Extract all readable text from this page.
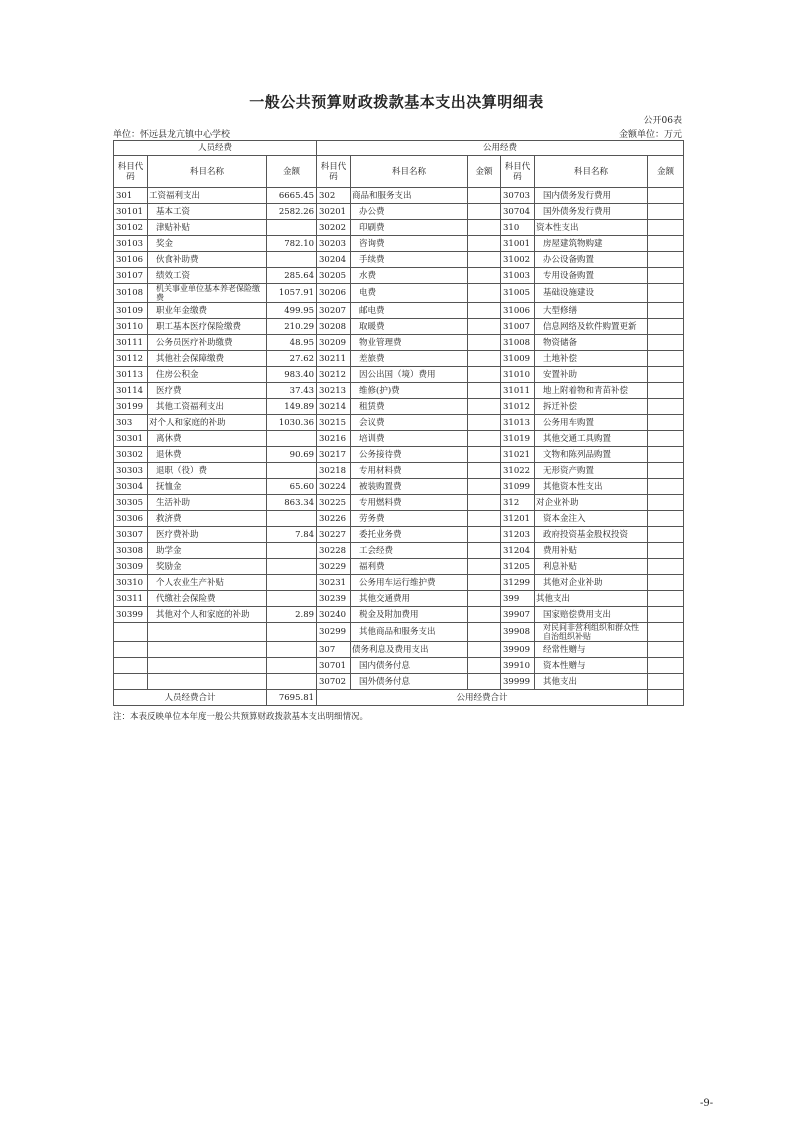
一般公共预算财政拨款基本支出决算明细表
公开06表
单位：怀远县龙亢镇中心学校	金额单位：万元
人员经费			公用经费					
科目代码	科目名称	金额	科目代码	科目名称	金额	科目代码	科目名称	金额
301	工资福利支出	6665.45	302	商品和服务支出		30703	国内债务发行费用	
30101	基本工资	2582.26	30201	办公费		30704	国外债务发行费用	
30102	津贴补贴		30202	印刷费		310	资本性支出	
30103	奖金	782.10	30203	咨询费		31001	房屋建筑物购建	
30106	伙食补助费		30204	手续费		31002	办公设备购置	
30107	绩效工资	285.64	30205	水费		31003	专用设备购置	
30108	机关事业单位基本养老保险缴费	1057.91	30206	电费		31005	基础设施建设	
30109	职业年金缴费	499.95	30207	邮电费		31006	大型修缮	
30110	职工基本医疗保险缴费	210.29	30208	取暖费		31007	信息网络及软件购置更新	
30111	公务员医疗补助缴费	48.95	30209	物业管理费		31008	物资储备	
30112	其他社会保障缴费	27.62	30211	差旅费		31009	土地补偿	
30113	住房公积金	983.40	30212	因公出国（境）费用		31010	安置补助	
30114	医疗费	37.43	30213	维修(护)费		31011	地上附着物和青苗补偿	
30199	其他工资福利支出	149.89	30214	租赁费		31012	拆迁补偿	
303	对个人和家庭的补助	1030.36	30215	会议费		31013	公务用车购置	
30301	离休费		30216	培训费		31019	其他交通工具购置	
30302	退休费	90.69	30217	公务接待费		31021	文物和陈列品购置	
30303	退职（役）费		30218	专用材料费		31022	无形资产购置	
30304	抚恤金	65.60	30224	被装购置费		31099	其他资本性支出	
30305	生活补助	863.34	30225	专用燃料费		312	对企业补助	
30306	救济费		30226	劳务费		31201	资本金注入	
30307	医疗费补助	7.84	30227	委托业务费		31203	政府投资基金股权投资	
30308	助学金		30228	工会经费		31204	费用补贴	
30309	奖励金		30229	福利费		31205	利息补贴	
30310	个人农业生产补贴		30231	公务用车运行维护费		31299	其他对企业补助	
30311	代缴社会保险费		30239	其他交通费用		399	其他支出	
30399	其他对个人和家庭的补助	2.89	30240	税金及附加费用		39907	国家赔偿费用支出	
			30299	其他商品和服务支出		39908	对民间非营利组织和群众性自治组织补贴	
			307	债务利息及费用支出		39909	经常性赠与	
			30701	国内债务付息		39910	资本性赠与	
			30702	国外债务付息		39999	其他支出	
人员经费合计		7695.81	公用经费合计					
注：本表反映单位本年度一般公共预算财政拨款基本支出明细情况。
-9-
